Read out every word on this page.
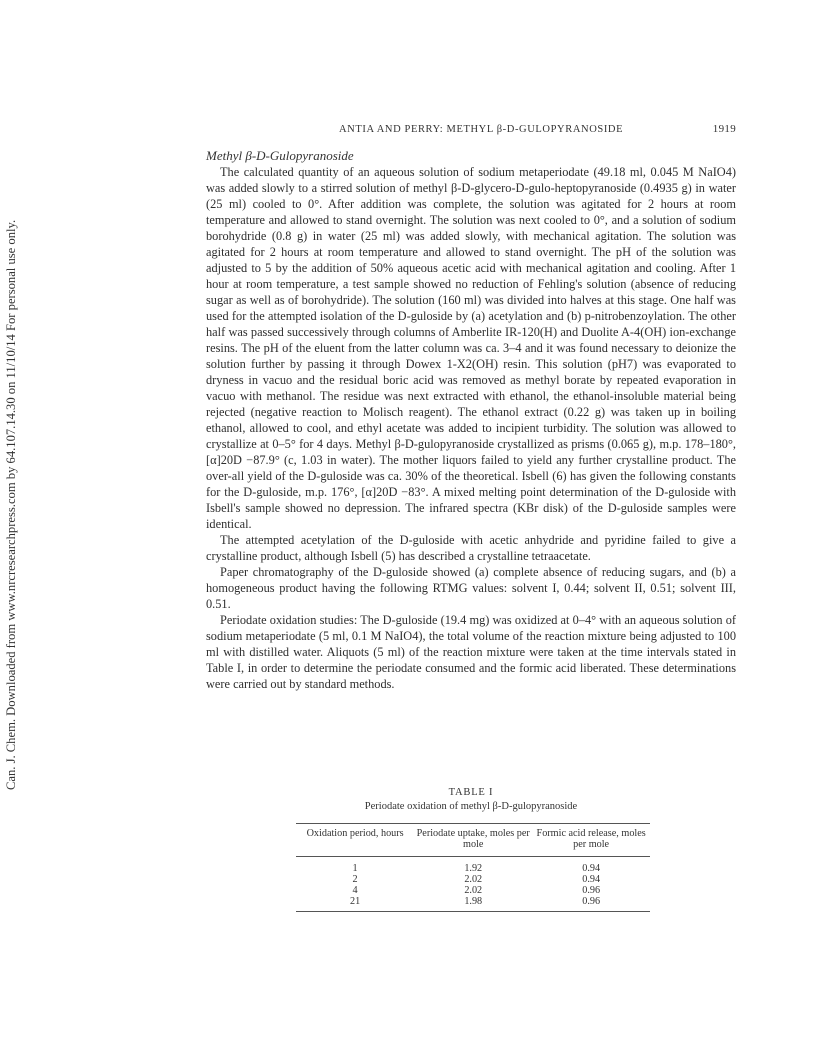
Can. J. Chem. Downloaded from www.nrcresearchpress.com by 64.107.14.30 on 11/10/14 For personal use only.
ANTIA AND PERRY: METHYL β-D-GULOPYRANOSIDE	1919
Methyl β-D-Gulopyranoside

The calculated quantity of an aqueous solution of sodium metaperiodate (49.18 ml, 0.045 M NaIO4) was added slowly to a stirred solution of methyl β-D-glycero-D-gulo-heptopyranoside (0.4935 g) in water (25 ml) cooled to 0°. After addition was complete, the solution was agitated for 2 hours at room temperature and allowed to stand overnight. The solution was next cooled to 0°, and a solution of sodium borohydride (0.8 g) in water (25 ml) was added slowly, with mechanical agitation. The solution was agitated for 2 hours at room temperature and allowed to stand overnight. The pH of the solution was adjusted to 5 by the addition of 50% aqueous acetic acid with mechanical agitation and cooling. After 1 hour at room temperature, a test sample showed no reduction of Fehling's solution (absence of reducing sugar as well as of borohydride). The solution (160 ml) was divided into halves at this stage. One half was used for the attempted isolation of the D-guloside by (a) acetylation and (b) p-nitrobenzoylation. The other half was passed successively through columns of Amberlite IR-120(H) and Duolite A-4(OH) ion-exchange resins. The pH of the eluent from the latter column was ca. 3–4 and it was found necessary to deionize the solution further by passing it through Dowex 1-X2(OH) resin. This solution (pH7) was evaporated to dryness in vacuo and the residual boric acid was removed as methyl borate by repeated evaporation in vacuo with methanol. The residue was next extracted with ethanol, the ethanol-insoluble material being rejected (negative reaction to Molisch reagent). The ethanol extract (0.22 g) was taken up in boiling ethanol, allowed to cool, and ethyl acetate was added to incipient turbidity. The solution was allowed to crystallize at 0–5° for 4 days. Methyl β-D-gulopyranoside crystallized as prisms (0.065 g), m.p. 178–180°, [α]20D −87.9° (c, 1.03 in water). The mother liquors failed to yield any further crystalline product. The over-all yield of the D-guloside was ca. 30% of the theoretical. Isbell (6) has given the following constants for the D-guloside, m.p. 176°, [α]20D −83°. A mixed melting point determination of the D-guloside with Isbell's sample showed no depression. The infrared spectra (KBr disk) of the D-guloside samples were identical.

The attempted acetylation of the D-guloside with acetic anhydride and pyridine failed to give a crystalline product, although Isbell (5) has described a crystalline tetraacetate.

Paper chromatography of the D-guloside showed (a) complete absence of reducing sugars, and (b) a homogeneous product having the following RTMG values: solvent I, 0.44; solvent II, 0.51; solvent III, 0.51.

Periodate oxidation studies: The D-guloside (19.4 mg) was oxidized at 0–4° with an aqueous solution of sodium metaperiodate (5 ml, 0.1 M NaIO4), the total volume of the reaction mixture being adjusted to 100 ml with distilled water. Aliquots (5 ml) of the reaction mixture were taken at the time intervals stated in Table I, in order to determine the periodate consumed and the formic acid liberated. These determinations were carried out by standard methods.

TABLE I
Periodate oxidation of methyl β-D-gulopyranoside
Oxidation period, hours	Periodate uptake, moles per mole	Formic acid release, moles per mole
1	1.92	0.94
2	2.02	0.94
4	2.02	0.96
21	1.98	0.96
